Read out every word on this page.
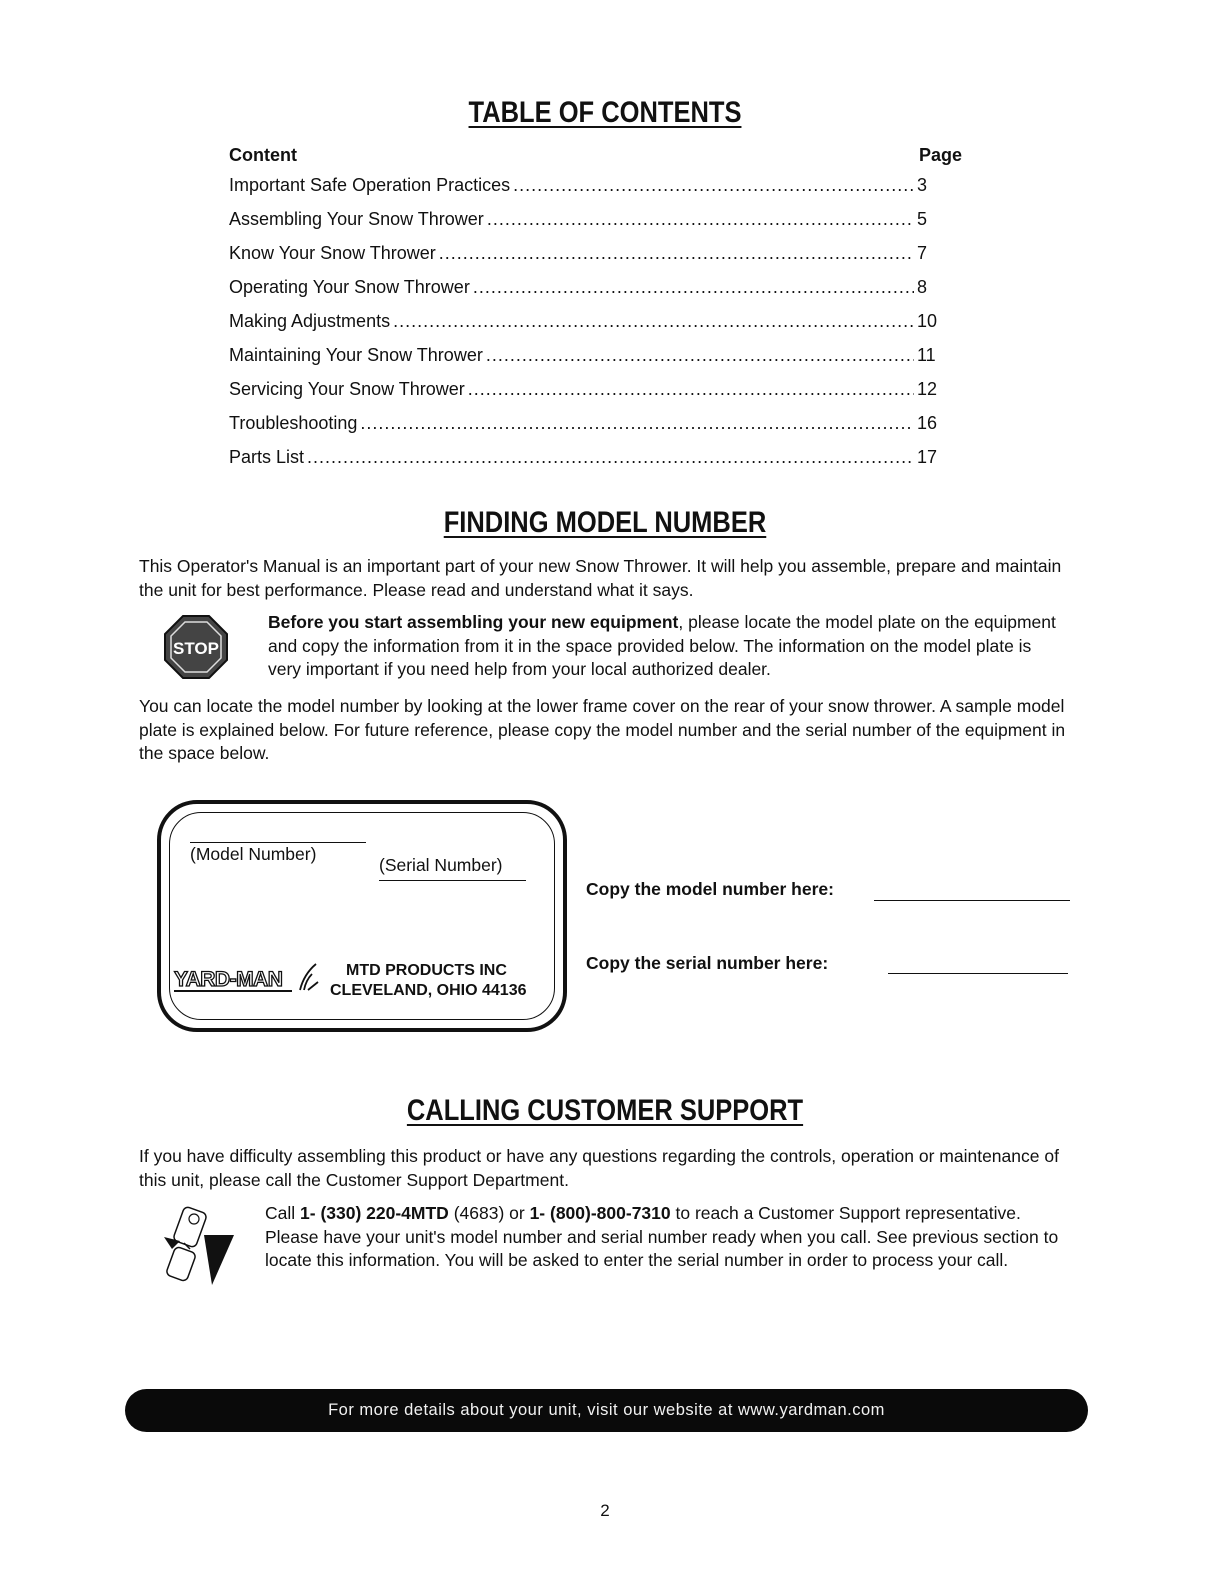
TABLE OF CONTENTS
Content	Page
Important Safe Operation Practices .....	3
Assembling Your Snow Thrower .....	5
Know Your Snow Thrower .....	7
Operating Your Snow Thrower .....	8
Making Adjustments .....	10
Maintaining Your Snow Thrower .....	11
Servicing Your Snow Thrower .....	12
Troubleshooting .....	16
Parts List .....	17
FINDING MODEL NUMBER
This Operator's Manual is an important part of your new Snow Thrower. It will help you assemble, prepare and maintain the unit for best performance. Please read and understand what it says.
STOP
Before you start assembling your new equipment, please locate the model plate on the equipment and copy the information from it in the space provided below. The information on the model plate is very important if you need help from your local authorized dealer.
You can locate the model number by looking at the lower frame cover on the rear of your snow thrower. A sample model plate is explained below. For future reference, please copy the model number and the serial number of the equipment in the space below.
(Model Number)
(Serial Number)
YARD-MAN	MTD PRODUCTS INC
CLEVELAND, OHIO 44136
Copy the model number here:
Copy the serial number here:
CALLING CUSTOMER SUPPORT
If you have difficulty assembling this product or have any questions regarding the controls, operation or maintenance of this unit, please call the Customer Support Department.
Call 1- (330) 220-4MTD (4683) or 1- (800)-800-7310 to reach a Customer Support representative. Please have your unit's model number and serial number ready when you call. See previous section to locate this information. You will be asked to enter the serial number in order to process your call.
For more details about your unit, visit our website at www.yardman.com
2
